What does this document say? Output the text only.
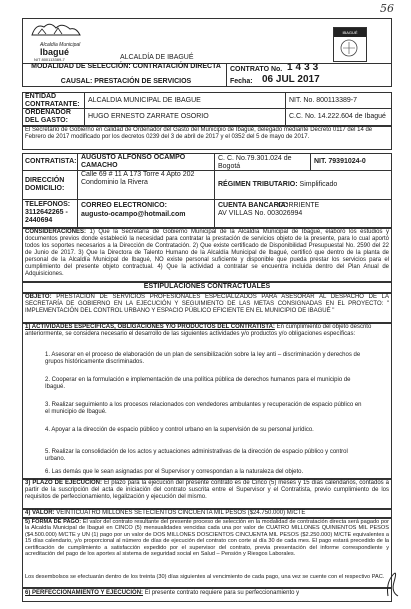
56
Alcaldía Municipal
Ibagué
NIT 800113389-7	ALCALDÍA DE IBAGUÉ
IBAGUÉ
MODALIDAD DE SELECCIÓN: CONTRATACIÓN DIRECTA
CAUSAL: PRESTACIÓN DE SERVICIOS
CONTRATO No. 1433
Fecha: 06 JUL 2017
ENTIDAD CONTRATANTE:
ALCALDIA MUNICIPAL DE IBAGUE	NIT. No. 800113389-7
ORDENADOR DEL GASTO:
HUGO ERNESTO ZARRATE OSORIO	C.C. No. 14.222.604 de Ibagué
El Secretario de Gobierno en calidad de Ordenador del Gasto del Municipio de Ibagué, delegado mediante Decreto 0117 del 14 de Febrero de 2017 modificado por los decretos 0239 del 3 de abril de 2017 y el 0352 del 5 de mayo de 2017.
CONTRATISTA:
AUGUSTO ALFONSO OCAMPO CAMACHO
C. C. No.79.301.024 de Bogotá
NIT. 79391024-0
DIRECCIÓN DOMICILIO:
Calle 69 # 11 A 173 Torre 4 Apto 202 Condominio la Rivera	RÉGIMEN TRIBUTARIO: Simplificado
TELEFONOS:
3112642265 - 2440694
CORREO ELECTRONICO:
augusto-ocampo@hotmail.com
CUENTA BANCARIA:
CORRIENTE AV VILLAS No. 003026994
CONSIDERACIONES: 1) Que la Secretaría de Gobierno Municipal de la Alcaldía Municipal de Ibagué, elaboró los estudios y documentos previos donde estableció la necesidad para contratar la prestación de servicios objeto de la presente, para lo cual aportó todos los soportes necesarios a la Dirección de Contratación. 2) Que existe certificado de Disponibilidad Presupuestal No. 2590 del 22 de Junio de 2017. 3) Que la Directora de Talento Humano de la Alcaldía Municipal de Ibagué, certificó que dentro de la planta de personal de la Alcaldía Municipal de Ibagué, NO existe personal suficiente y disponible que pueda prestar los servicios para el cumplimiento del presente objeto contractual. 4) Que la actividad a contratar se encuentra incluida dentro del Plan Anual de Adquisiciones.
ESTIPULACIONES CONTRACTUALES
OBJETO: PRESTACIÓN DE SERVICIOS PROFESIONALES ESPECIALIZADOS PARA ASESORAR AL DESPACHO DE LA SECRETARÍA DE GOBIERNO EN LA EJECUCIÓN Y SEGUIMIENTO DE LAS METAS CONSIGNADAS EN EL PROYECTO: " IMPLEMENTACIÓN DEL CONTROL URBANO Y ESPACIO PÚBLICO EFICIENTE EN EL MUNICIPIO DE IBAGUÉ "
1) ACTIVIDADES ESPECÍFICAS, OBLIGACIONES Y/O PRODUCTOS DEL CONTRATISTA: En cumplimiento del objeto descrito anteriormente, se considera necesario el desarrollo de las siguientes actividades y/o productos y/o obligaciones específicas:
1. Asesorar en el proceso de elaboración de un plan de sensibilización sobre la ley anti – discriminación y derechos de grupos históricamente discriminados.
2. Cooperar en la formulación e implementación de una política pública de derechos humanos para el municipio de Ibagué.
3. Realizar seguimiento a los procesos relacionados con vendedores ambulantes y recuperación de espacio público en el municipio de Ibagué.
4. Apoyar a la dirección de espacio público y control urbano en la supervisión de su personal jurídico.
5. Realizar la consolidación de los actos y actuaciones administrativas de la dirección de espacio público y control urbano.
6. Las demás que le sean asignadas por el Supervisor y correspondan a la naturaleza del objeto.
3) PLAZO DE EJECUCIÓN: El plazo para la ejecución del presente contrato es de Cinco (5) meses y 15 días calendarios, contados a partir de la suscripción del acta de iniciación del contrato suscrita entre el Supervisor y el Contratista, previo cumplimiento de los requisitos de perfeccionamiento, legalización y ejecución del mismo.
4) VALOR: VEINTICUATRO MILLONES SETECIENTOS CINCUENTA MIL PESOS ($24.750.000) M/CTE
5) FORMA DE PAGO: El valor del contrato resultante del presente proceso de selección en la modalidad de contratación directa será pagado por la Alcaldía Municipal de Ibagué en CINCO (5) mensualidades vencidas cada una por valor de CUATRO MILLONES QUINIENTOS MIL PESOS ($4.500.000) M/CTE y UN (1) pago por un valor de DOS MILLONES DOSCIENTOS CINCUENTA MIL PESOS ($2.250.000) M/CTE equivalentes a 15 días calendario, y/o proporcional al número de días de ejecución del contrato con corte al día 30 de cada mes. El pago estará precedido de la certificación de cumplimiento a satisfacción expedido por el supervisor del contrato, previa presentación del informe correspondiente y acreditación del pago de los aportes al sistema de seguridad social en Salud – Pensión y Riesgos Laborales.
Los desembolsos se efectuarán dentro de los treinta (30) días siguientes al vencimiento de cada pago, una vez se cuente con el respectivo PAC.
6) PERFECCIONAMIENTO Y EJECUCIÓN: El presente contrato requiere para su perfeccionamiento y
